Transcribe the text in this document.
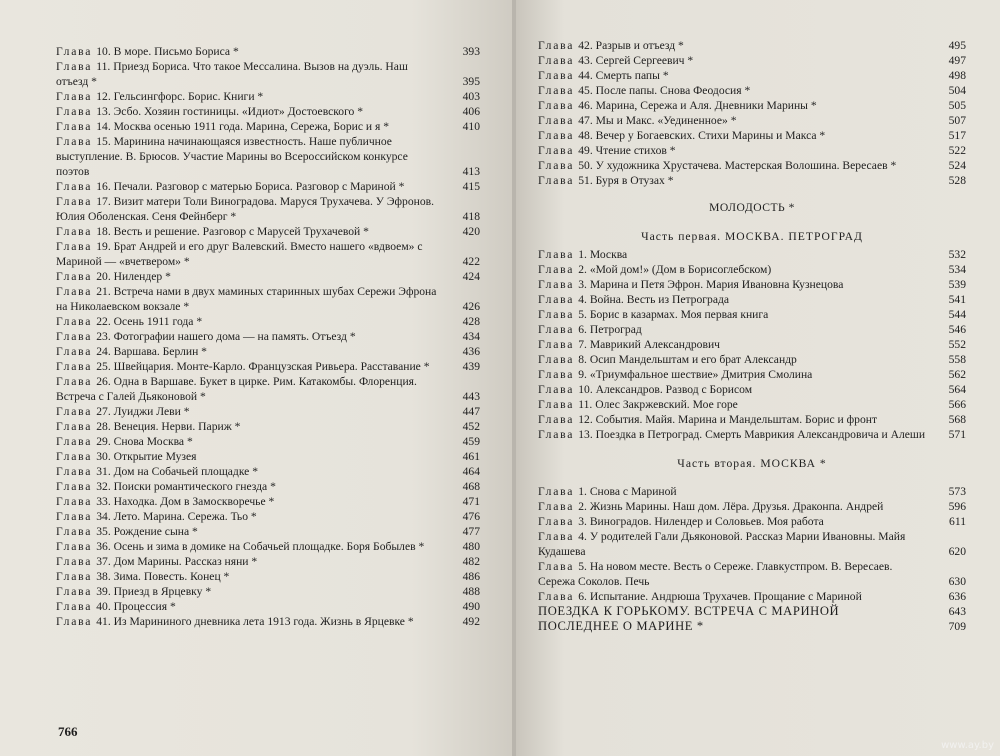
Глава 10. В море. Письмо Бориса *	393
Глава 11. Приезд Бориса. Что такое Мессалина. Вызов на дуэль. Наш отъезд *	395
Глава 12. Гельсингфорс. Борис. Книги *	403
Глава 13. Эсбо. Хозяин гостиницы. «Идиот» Достоевского *	406
Глава 14. Москва осенью 1911 года. Марина, Сережа, Борис и я *	410
Глава 15. Маринина начинающаяся известность. Наше публичное выступление. В. Брюсов. Участие Марины во Всероссийском конкурсе поэтов	413
Глава 16. Печали. Разговор с матерью Бориса. Разговор с Мариной *	415
Глава 17. Визит матери Толи Виноградова. Маруся Трухачева. У Эфронов. Юлия Оболенская. Сеня Фейнберг *	418
Глава 18. Весть и решение. Разговор с Марусей Трухачевой *	420
Глава 19. Брат Андрей и его друг Валевский. Вместо нашего «вдвоем» с Мариной — «вчетвером» *	422
Глава 20. Нилендер *	424
Глава 21. Встреча нами в двух маминых старинных шубах Сережи Эфрона на Николаевском вокзале *	426
Глава 22. Осень 1911 года *	428
Глава 23. Фотографии нашего дома — на память. Отъезд *	434
Глава 24. Варшава. Берлин *	436
Глава 25. Швейцария. Монте-Карло. Французская Ривьера. Расставание *	439
Глава 26. Одна в Варшаве. Букет в цирке. Рим. Катакомбы. Флоренция. Встреча с Галей Дьяконовой *	443
Глава 27. Луиджи Леви *	447
Глава 28. Венеция. Нерви. Париж *	452
Глава 29. Снова Москва *	459
Глава 30. Открытие Музея	461
Глава 31. Дом на Собачьей площадке *	464
Глава 32. Поиски романтического гнезда *	468
Глава 33. Находка. Дом в Замоскворечье *	471
Глава 34. Лето. Марина. Сережа. Тьо *	476
Глава 35. Рождение сына *	477
Глава 36. Осень и зима в домике на Собачьей площадке. Боря Бобылев *	480
Глава 37. Дом Марины. Рассказ няни *	482
Глава 38. Зима. Повесть. Конец *	486
Глава 39. Приезд в Ярцевку *	488
Глава 40. Процессия *	490
Глава 41. Из Марининого дневника лета 1913 года. Жизнь в Ярцевке *	492
766
Глава 42. Разрыв и отъезд *	495
Глава 43. Сергей Сергеевич *	497
Глава 44. Смерть папы *	498
Глава 45. После папы. Снова Феодосия *	504
Глава 46. Марина, Сережа и Аля. Дневники Марины *	505
Глава 47. Мы и Макс. «Уединенное» *	507
Глава 48. Вечер у Богаевских. Стихи Марины и Макса *	517
Глава 49. Чтение стихов *	522
Глава 50. У художника Хрустачева. Мастерская Волошина. Вересаев *	524
Глава 51. Буря в Отузах *	528
МОЛОДОСТЬ *
Часть первая. МОСКВА. ПЕТРОГРАД
Глава 1. Москва	532
Глава 2. «Мой дом!» (Дом в Борисоглебском)	534
Глава 3. Марина и Петя Эфрон. Мария Ивановна Кузнецова	539
Глава 4. Война. Весть из Петрограда	541
Глава 5. Борис в казармах. Моя первая книга	544
Глава 6. Петроград	546
Глава 7. Маврикий Александрович	552
Глава 8. Осип Мандельштам и его брат Александр	558
Глава 9. «Триумфальное шествие» Дмитрия Смолина	562
Глава 10. Александров. Развод с Борисом	564
Глава 11. Олес Закржевский. Мое горе	566
Глава 12. События. Майя. Марина и Мандельштам. Борис и фронт	568
Глава 13. Поездка в Петроград. Смерть Маврикия Александровича и Алеши	571
Часть вторая. МОСКВА *
Глава 1. Снова с Мариной	573
Глава 2. Жизнь Марины. Наш дом. Лёра. Друзья. Драконпа. Андрей	596
Глава 3. Виноградов. Нилендер и Соловьев. Моя работа	611
Глава 4. У родителей Гали Дьяконовой. Рассказ Марии Ивановны. Майя Кудашева	620
Глава 5. На новом месте. Весть о Сереже. Главкустпром. В. Вересаев. Сережа Соколов. Печь	630
Глава 6. Испытание. Андрюша Трухачев. Прощание с Мариной	636
ПОЕЗДКА К ГОРЬКОМУ. ВСТРЕЧА С МАРИНОЙ	643
ПОСЛЕДНЕЕ О МАРИНЕ *	709
www.ay.by
